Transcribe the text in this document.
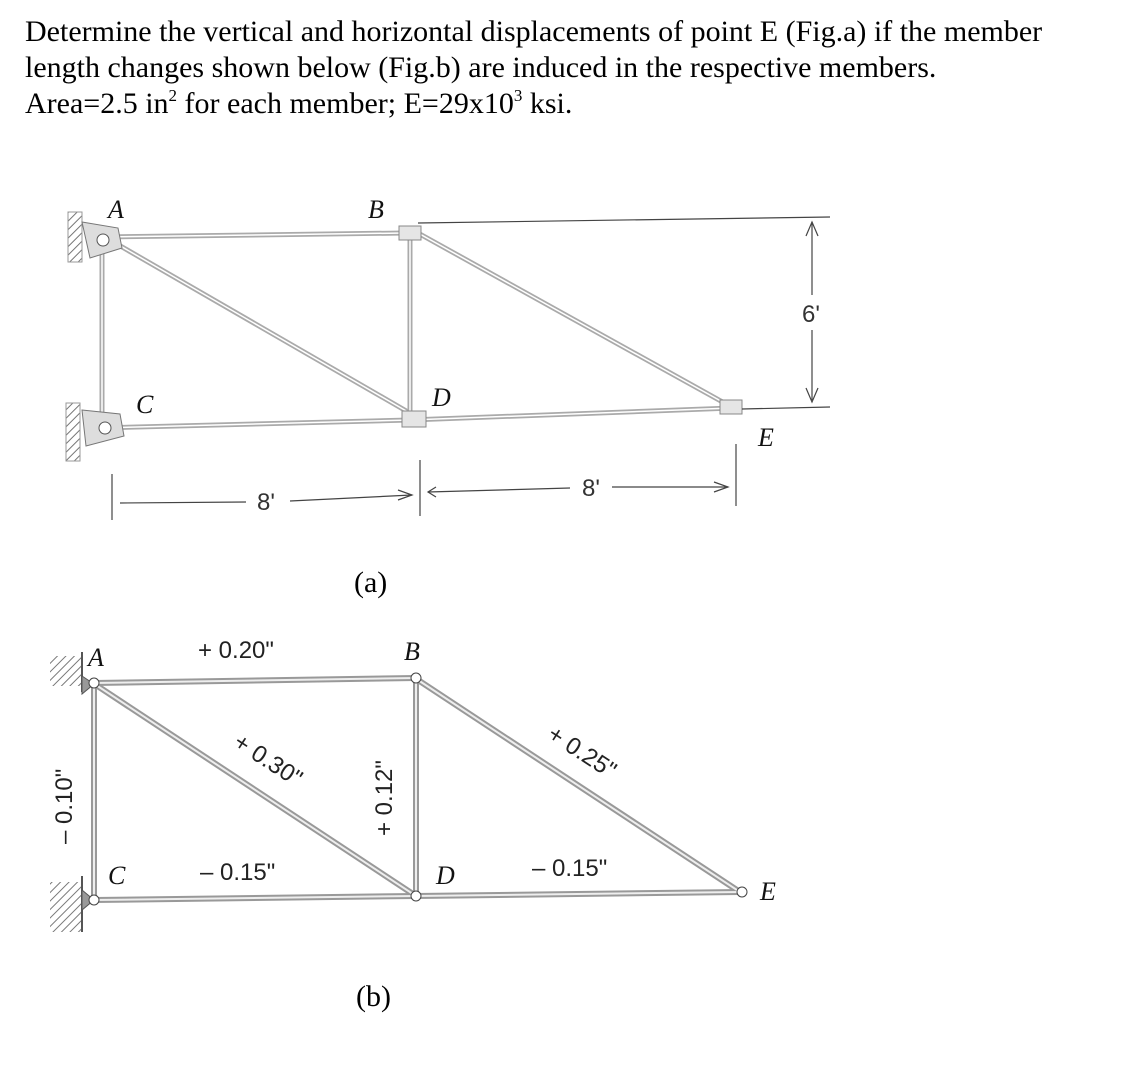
Determine the vertical and horizontal displacements of point E (Fig.a) if the member

length changes shown below (Fig.b) are induced in the respective members.

Area=2.5 $in^2$ for each member; $E=29x10^3$ ksi.

A	B
C	D
E
6'
8'
8'
(a)
A	B
C	D
E
+ 0.20"
+ 0.30"	+ 0.12"
+ 0.25"
– 0.15"	– 0.15"
– 0.10"
(b)
